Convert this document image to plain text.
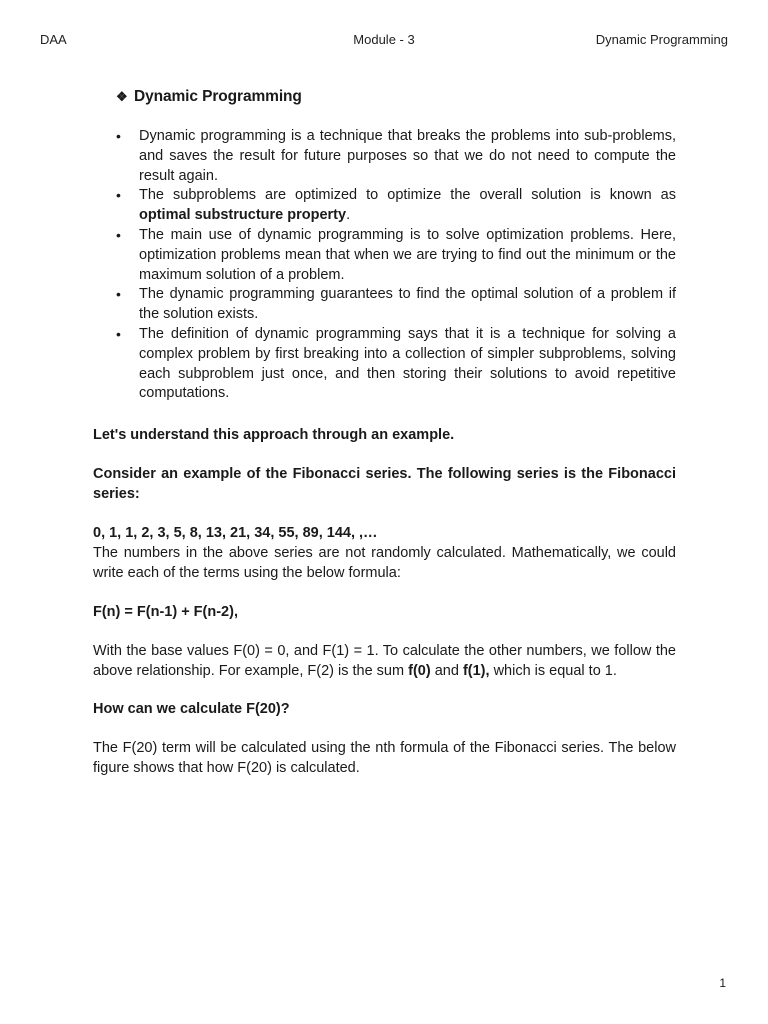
DAA	Module - 3	Dynamic Programming
❖ Dynamic Programming
• Dynamic programming is a technique that breaks the problems into sub-problems, and saves the result for future purposes so that we do not need to compute the result again.
• The subproblems are optimized to optimize the overall solution is known as optimal substructure property.
• The main use of dynamic programming is to solve optimization problems. Here, optimization problems mean that when we are trying to find out the minimum or the maximum solution of a problem.
• The dynamic programming guarantees to find the optimal solution of a problem if the solution exists.
• The definition of dynamic programming says that it is a technique for solving a complex problem by first breaking into a collection of simpler subproblems, solving each subproblem just once, and then storing their solutions to avoid repetitive computations.
Let's understand this approach through an example.
Consider an example of the Fibonacci series. The following series is the Fibonacci series:
0, 1, 1, 2, 3, 5, 8, 13, 21, 34, 55, 89, 144, ,…
The numbers in the above series are not randomly calculated. Mathematically, we could write each of the terms using the below formula:
F(n) = F(n-1) + F(n-2),
With the base values F(0) = 0, and F(1) = 1. To calculate the other numbers, we follow the above relationship. For example, F(2) is the sum f(0) and f(1), which is equal to 1.
How can we calculate F(20)?
The F(20) term will be calculated using the nth formula of the Fibonacci series. The below figure shows that how F(20) is calculated.
1
